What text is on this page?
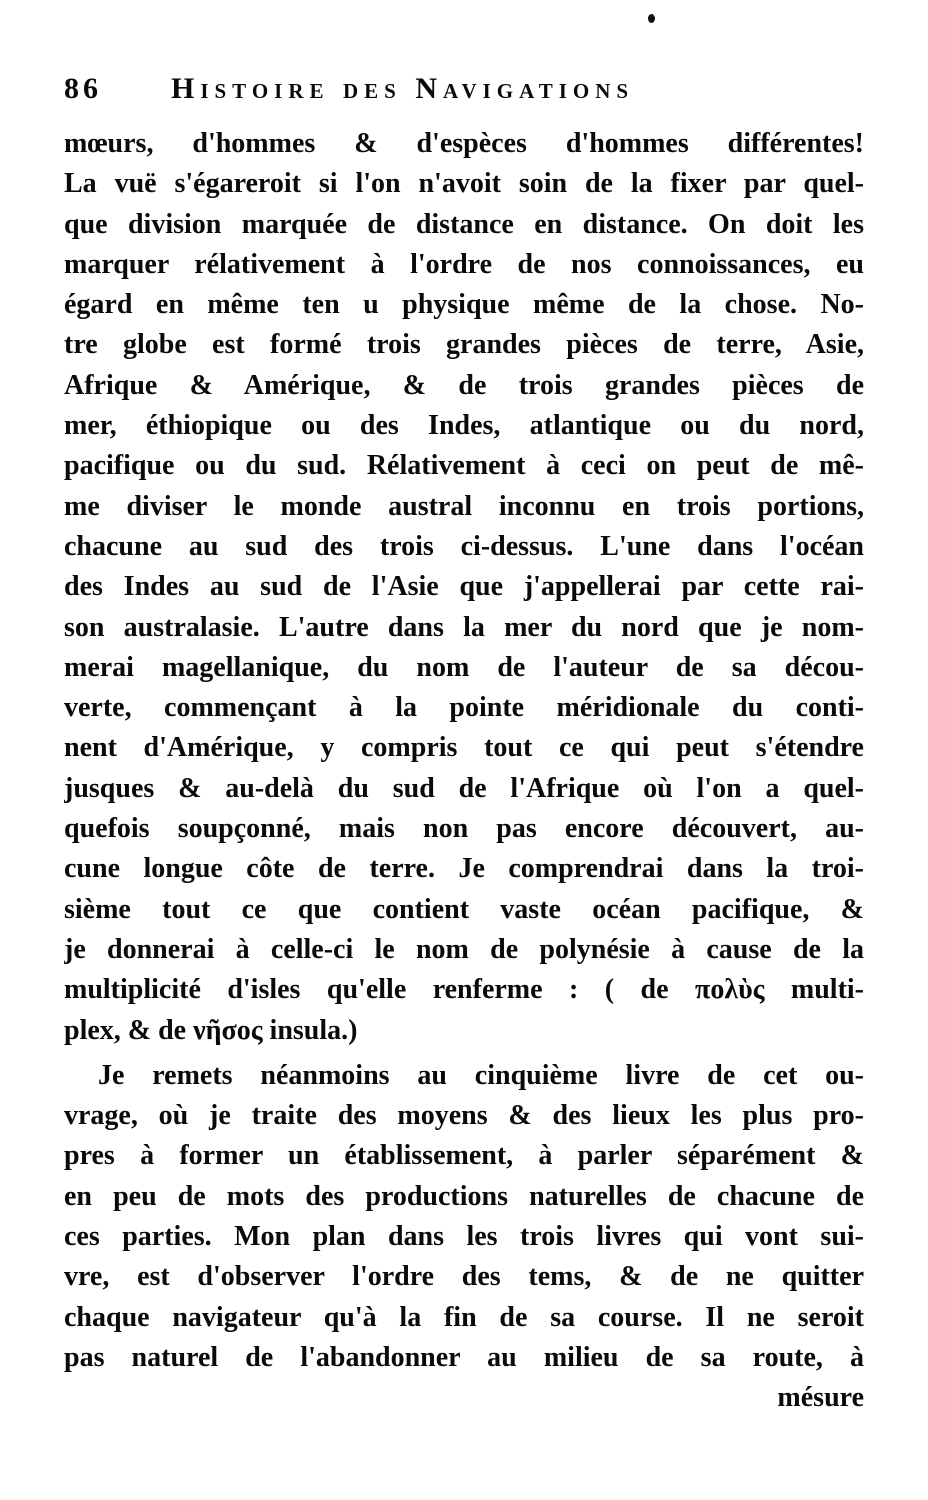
86 Histoire des Navigations
mœurs, d'hommes & d'espèces d'hommes différentes!
La vuë s'égareroit si l'on n'avoit soin de la fixer par quel-
que division marquée de distance en distance. On doit les
marquer rélativement à l'ordre de nos connoissances, eu
égard en même ten u physique même de la chose. No-
tre globe est formé trois grandes pièces de terre, Asie,
Afrique & Amérique, & de trois grandes pièces de
mer, éthiopique ou des Indes, atlantique ou du nord,
pacifique ou du sud. Rélativement à ceci on peut de mê-
me diviser le monde austral inconnu en trois portions,
chacune au sud des trois ci-dessus. L'une dans l'océan
des Indes au sud de l'Asie que j'appellerai par cette rai-
son australasie. L'autre dans la mer du nord que je nom-
merai magellanique, du nom de l'auteur de sa décou-
verte, commençant à la pointe méridionale du conti-
nent d'Amérique, y compris tout ce qui peut s'étendre
jusques & au-delà du sud de l'Afrique où l'on a quel-
quefois soupçonné, mais non pas encore découvert, au-
cune longue côte de terre. Je comprendrai dans la troi-
sième tout ce que contient vaste océan pacifique, &
je donnerai à celle-ci le nom de polynésie à cause de la
multiplicité d'isles qu'elle renferme : ( de πολὺς multi-
plex, & de νῆσος insula.)
Je remets néanmoins au cinquième livre de cet ou-
vrage, où je traite des moyens & des lieux les plus pro-
pres à former un établissement, à parler séparément &
en peu de mots des productions naturelles de chacune de
ces parties. Mon plan dans les trois livres qui vont sui-
vre, est d'observer l'ordre des tems, & de ne quitter
chaque navigateur qu'à la fin de sa course. Il ne seroit
pas naturel de l'abandonner au milieu de sa route, à
mésure
